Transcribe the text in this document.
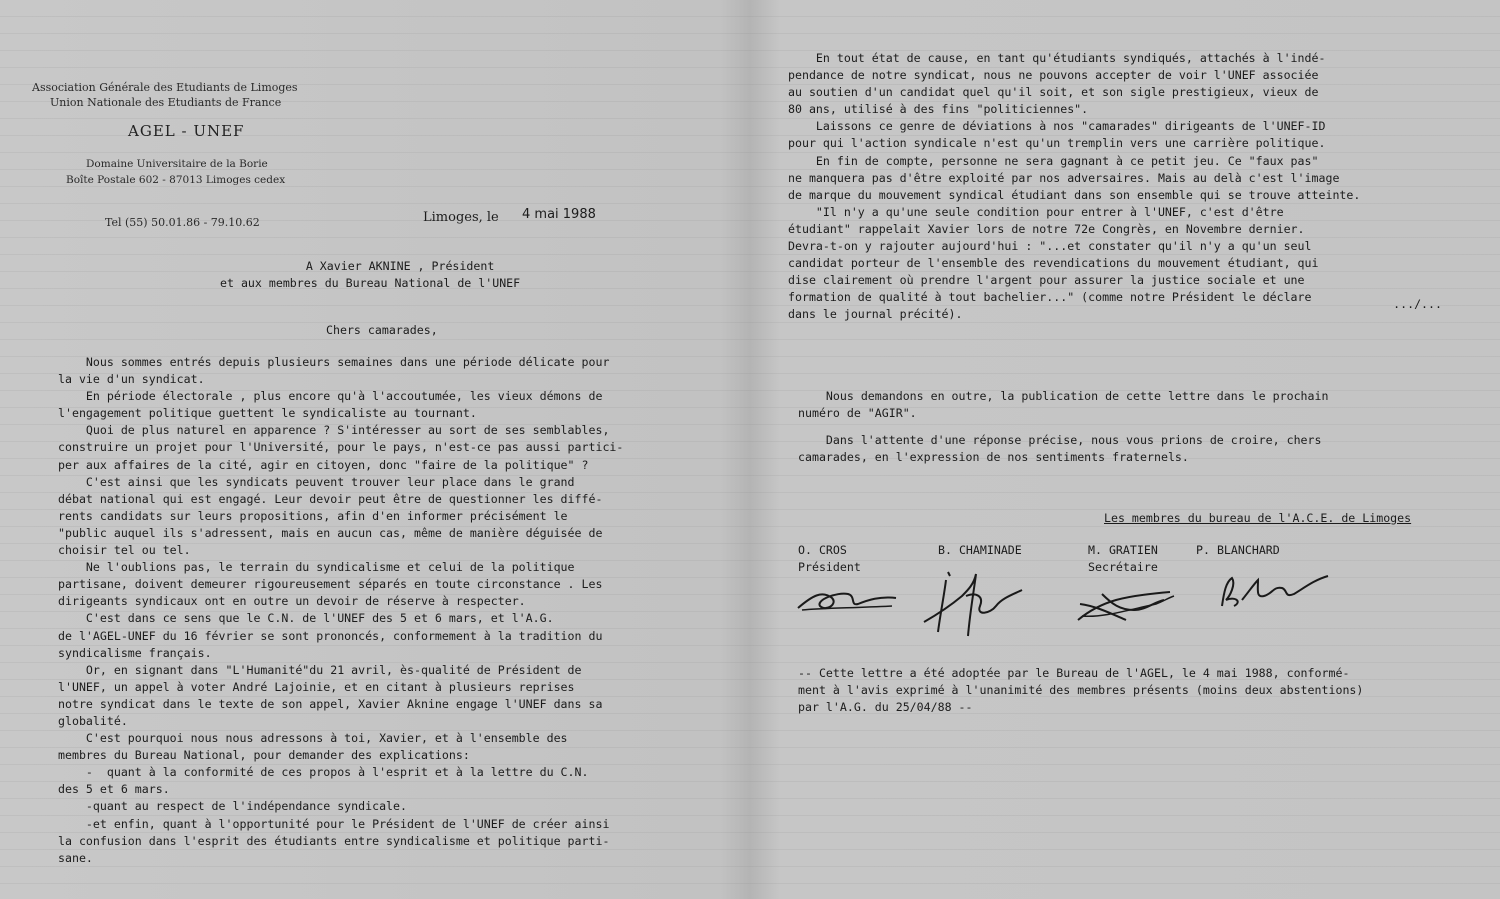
Association Générale des Etudiants de Limoges
Union Nationale des Etudiants de France
AGEL - UNEF
Domaine Universitaire de la Borie
Boîte Postale 602 - 87013 Limoges cedex
Tel (55) 50.01.86 - 79.10.62	Limoges, le 4 mai 1988
A Xavier AKNINE , Président
et aux membres du Bureau National de l'UNEF
Chers camarades,
Nous sommes entrés depuis plusieurs semaines dans une période délicate pour
la vie d'un syndicat.
En période électorale , plus encore qu'à l'accoutumée, les vieux démons de
l'engagement politique guettent le syndicaliste au tournant.
Quoi de plus naturel en apparence ? S'intéresser au sort de ses semblables,
construire un projet pour l'Université, pour le pays, n'est-ce pas aussi partici-
per aux affaires de la cité, agir en citoyen, donc "faire de la politique" ?
C'est ainsi que les syndicats peuvent trouver leur place dans le grand
débat national qui est engagé. Leur devoir peut être de questionner les diffé-
rents candidats sur leurs propositions, afin d'en informer précisément le
"public auquel ils s'adressent, mais en aucun cas, même de manière déguisée de
choisir tel ou tel.
Ne l'oublions pas, le terrain du syndicalisme et celui de la politique
partisane, doivent demeurer rigoureusement séparés en toute circonstance . Les
dirigeants syndicaux ont en outre un devoir de réserve à respecter.
C'est dans ce sens que le C.N. de l'UNEF des 5 et 6 mars, et l'A.G.
de l'AGEL-UNEF du 16 février se sont prononcés, conformement à la tradition du
syndicalisme français.
Or, en signant dans "L'Humanité"du 21 avril, ès-qualité de Président de
l'UNEF, un appel à voter André Lajoinie, et en citant à plusieurs reprises
notre syndicat dans le texte de son appel, Xavier Aknine engage l'UNEF dans sa
globalité.
C'est pourquoi nous nous adressons à toi, Xavier, et à l'ensemble des
membres du Bureau National, pour demander des explications:
-  quant à la conformité de ces propos à l'esprit et à la lettre du C.N.
des 5 et 6 mars.
-quant au respect de l'indépendance syndicale.
-et enfin, quant à l'opportunité pour le Président de l'UNEF de créer ainsi
la confusion dans l'esprit des étudiants entre syndicalisme et politique parti-
sane.
En tout état de cause, en tant qu'étudiants syndiqués, attachés à l'indé-
pendance de notre syndicat, nous ne pouvons accepter de voir l'UNEF associée
au soutien d'un candidat quel qu'il soit, et son sigle prestigieux, vieux de
80 ans, utilisé à des fins "politiciennes".
Laissons ce genre de déviations à nos "camarades" dirigeants de l'UNEF-ID
pour qui l'action syndicale n'est qu'un tremplin vers une carrière politique.
En fin de compte, personne ne sera gagnant à ce petit jeu. Ce "faux pas"
ne manquera pas d'être exploité par nos adversaires. Mais au delà c'est l'image
de marque du mouvement syndical étudiant dans son ensemble qui se trouve atteinte.
"Il n'y a qu'une seule condition pour entrer à l'UNEF, c'est d'être
étudiant" rappelait Xavier lors de notre 72e Congrès, en Novembre dernier.
Devra-t-on y rajouter aujourd'hui : "...et constater qu'il n'y a qu'un seul
candidat porteur de l'ensemble des revendications du mouvement étudiant, qui
dise clairement où prendre l'argent pour assurer la justice sociale et une
formation de qualité à tout bachelier..." (comme notre Président le déclare
dans le journal précité).
.../...

Nous demandons en outre, la publication de cette lettre dans le prochain
numéro de "AGIR".

Dans l'attente d'une réponse précise, nous vous prions de croire, chers
camarades, en l'expression de nos sentiments fraternels.

Les membres du bureau de l'A.C.E. de Limoges
O. CROS
Président
B. CHAMINADE	M. GRATIEN
Secrétaire
P. BLANCHARD
-- Cette lettre a été adoptée par le Bureau de l'AGEL, le 4 mai 1988, conformé-
ment à l'avis exprimé à l'unanimité des membres présents (moins deux abstentions)
par l'A.G. du 25/04/88 --
